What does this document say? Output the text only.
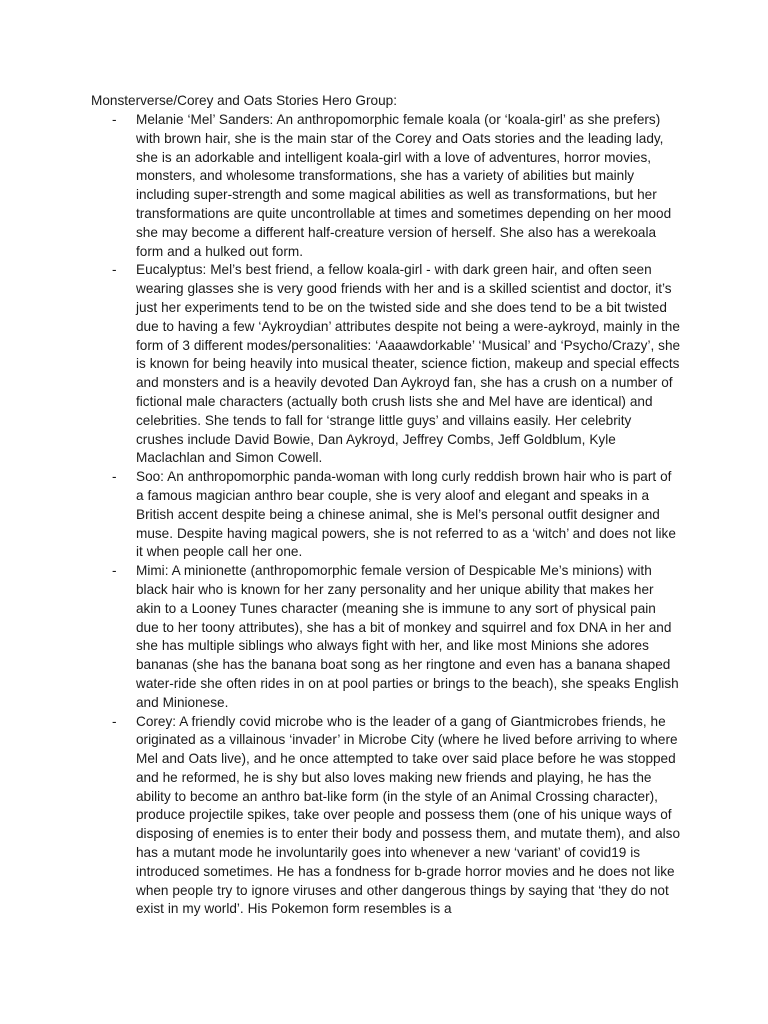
Monsterverse/Corey and Oats Stories Hero Group:
- Melanie ‘Mel’ Sanders: An anthropomorphic female koala (or ‘koala-girl’ as she prefers) with brown hair, she is the main star of the Corey and Oats stories and the leading lady, she is an adorkable and intelligent koala-girl with a love of adventures, horror movies, monsters, and wholesome transformations, she has a variety of abilities but mainly including super-strength and some magical abilities as well as transformations, but her transformations are quite uncontrollable at times and sometimes depending on her mood she may become a different half-creature version of herself. She also has a werekoala form and a hulked out form.
- Eucalyptus: Mel’s best friend, a fellow koala-girl - with dark green hair, and often seen wearing glasses she is very good friends with her and is a skilled scientist and doctor, it’s just her experiments tend to be on the twisted side and she does tend to be a bit twisted due to having a few ‘Aykroydian’ attributes despite not being a were-aykroyd, mainly in the form of 3 different modes/personalities: ‘Aaaawdorkable’ ‘Musical’ and ‘Psycho/Crazy’, she is known for being heavily into musical theater, science fiction, makeup and special effects and monsters and is a heavily devoted Dan Aykroyd fan, she has a crush on a number of fictional male characters (actually both crush lists she and Mel have are identical) and celebrities. She tends to fall for ‘strange little guys’ and villains easily. Her celebrity crushes include David Bowie, Dan Aykroyd, Jeffrey Combs, Jeff Goldblum, Kyle Maclachlan and Simon Cowell.
- Soo: An anthropomorphic panda-woman with long curly reddish brown hair who is part of a famous magician anthro bear couple, she is very aloof and elegant and speaks in a British accent despite being a chinese animal, she is Mel’s personal outfit designer and muse. Despite having magical powers, she is not referred to as a ‘witch’ and does not like it when people call her one.
- Mimi: A minionette (anthropomorphic female version of Despicable Me’s minions) with black hair who is known for her zany personality and her unique ability that makes her akin to a Looney Tunes character (meaning she is immune to any sort of physical pain due to her toony attributes), she has a bit of monkey and squirrel and fox DNA in her and she has multiple siblings who always fight with her, and like most Minions she adores bananas (she has the banana boat song as her ringtone and even has a banana shaped water-ride she often rides in on at pool parties or brings to the beach), she speaks English and Minionese.
- Corey: A friendly covid microbe who is the leader of a gang of Giantmicrobes friends, he originated as a villainous ‘invader’ in Microbe City (where he lived before arriving to where Mel and Oats live), and he once attempted to take over said place before he was stopped and he reformed, he is shy but also loves making new friends and playing, he has the ability to become an anthro bat-like form (in the style of an Animal Crossing character), produce projectile spikes, take over people and possess them (one of his unique ways of disposing of enemies is to enter their body and possess them, and mutate them), and also has a mutant mode he involuntarily goes into whenever a new ‘variant’ of covid19 is introduced sometimes. He has a fondness for b-grade horror movies and he does not like when people try to ignore viruses and other dangerous things by saying that ‘they do not exist in my world’. His Pokemon form resembles is a
